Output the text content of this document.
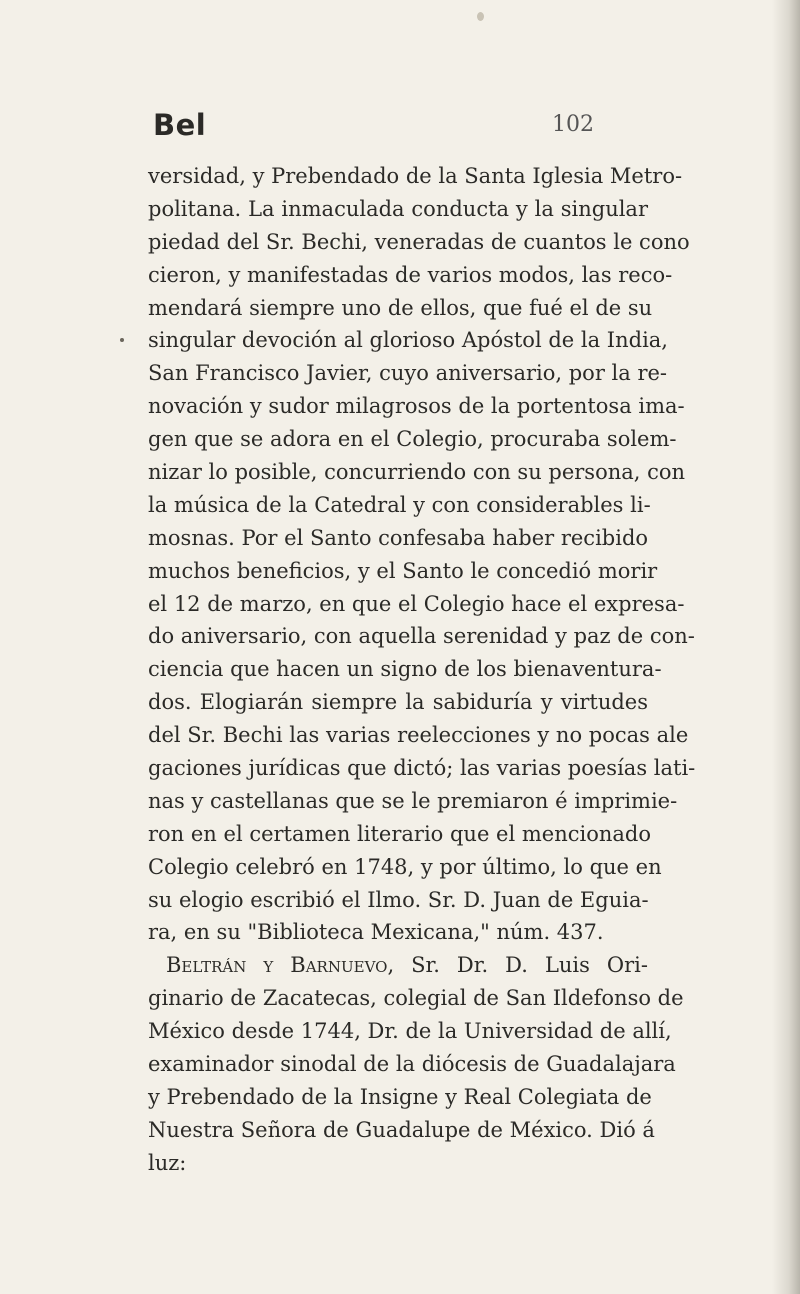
Bel	102
versidad, y Prebendado de la Santa Iglesia Metro-
politana. La inmaculada conducta y la singular
piedad del Sr. Bechi, veneradas de cuantos le cono
cieron, y manifestadas de varios modos, las reco-
mendará siempre uno de ellos, que fué el de su
singular devoción al glorioso Apóstol de la India,
San Francisco Javier, cuyo aniversario, por la re-
novación y sudor milagrosos de la portentosa ima-
gen que se adora en el Colegio, procuraba solem-
nizar lo posible, concurriendo con su persona, con
la música de la Catedral y con considerables li-
mosnas. Por el Santo confesaba haber recibido
muchos beneficios, y el Santo le concedió morir
el 12 de marzo, en que el Colegio hace el expresa-
do aniversario, con aquella serenidad y paz de con-
ciencia que hacen un signo de los bienaventura-
dos. Elogiarán siempre la sabiduría y virtudes
del Sr. Bechi las varias reelecciones y no pocas ale
gaciones jurídicas que dictó; las varias poesías lati-
nas y castellanas que se le premiaron é imprimie-
ron en el certamen literario que el mencionado
Colegio celebró en 1748, y por último, lo que en
su elogio escribió el Ilmo. Sr. D. Juan de Eguia-
ra, en su "Biblioteca Mexicana," núm. 437.
Beltrán y Barnuevo, Sr. Dr. D. Luis Ori-
ginario de Zacatecas, colegial de San Ildefonso de
México desde 1744, Dr. de la Universidad de allí,
examinador sinodal de la diócesis de Guadalajara
y Prebendado de la Insigne y Real Colegiata de
Nuestra Señora de Guadalupe de México. Dió á
luz:
